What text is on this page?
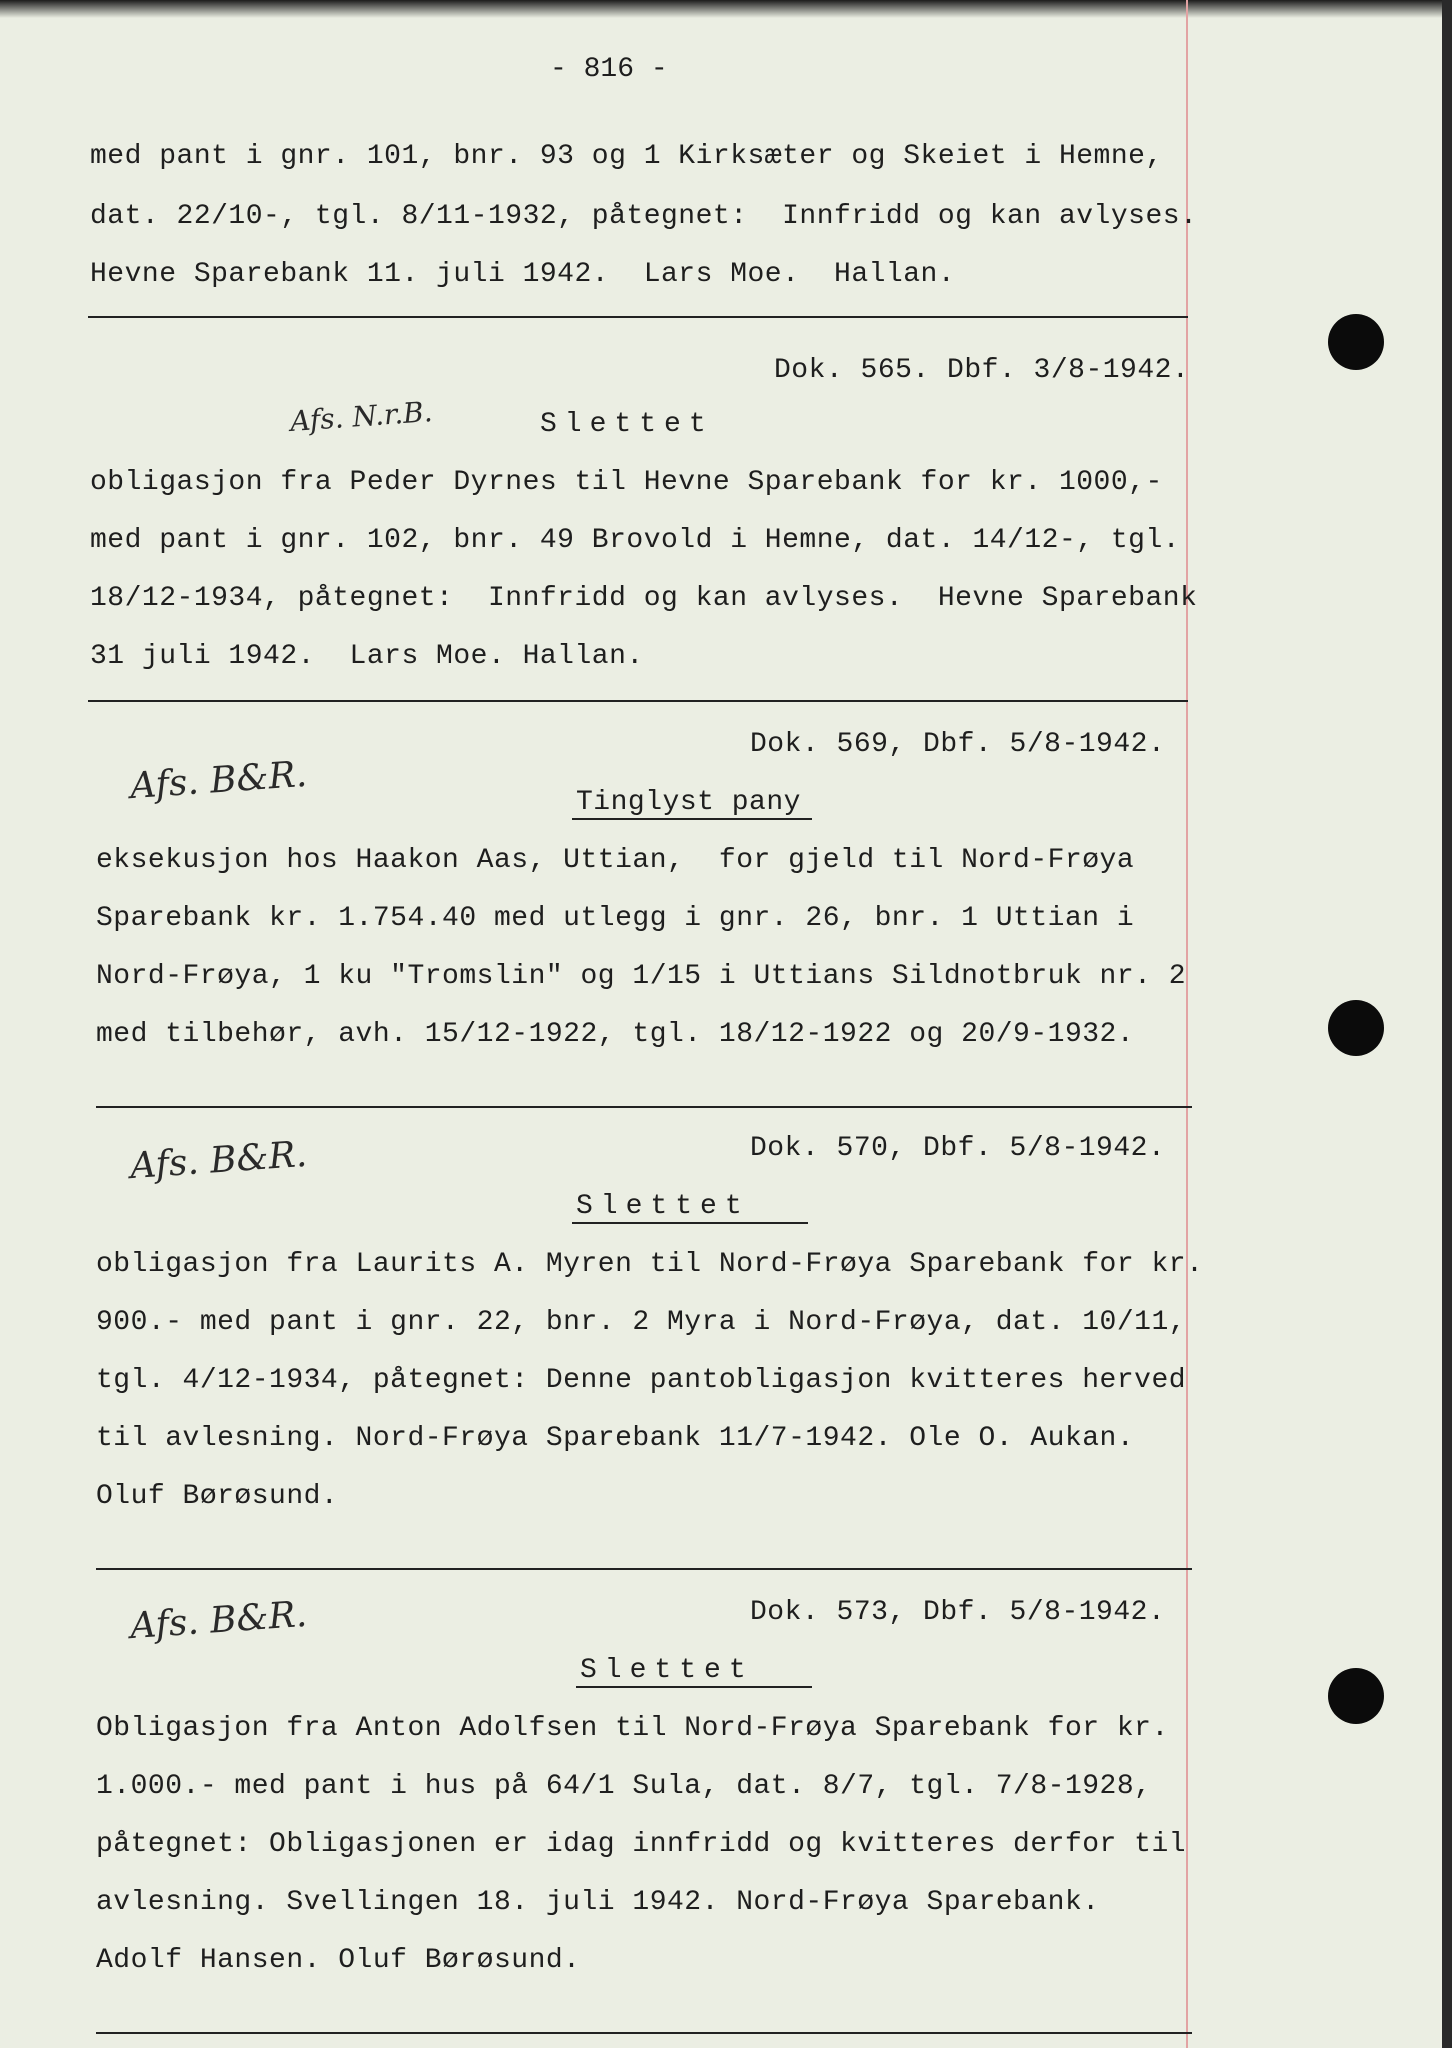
- 816 -
med pant i gnr. 101, bnr. 93 og 1 Kirksæter og Skeiet i Hemne,
dat. 22/10-, tgl. 8/11-1932, påtegnet:  Innfridd og kan avlyses.
Hevne Sparebank 11. juli 1942.  Lars Moe.  Hallan.
Dok. 565. Dbf. 3/8-1942.
Afs. N.r.B.	Slettet
obligasjon fra Peder Dyrnes til Hevne Sparebank for kr. 1000,-
med pant i gnr. 102, bnr. 49 Brovold i Hemne, dat. 14/12-, tgl.
18/12-1934, påtegnet:  Innfridd og kan avlyses.  Hevne Sparebank
31 juli 1942.  Lars Moe. Hallan.
Dok. 569, Dbf. 5/8-1942.
Afs. B&R.	Tinglyst pany
eksekusjon hos Haakon Aas, Uttian,  for gjeld til Nord-Frøya
Sparebank kr. 1.754.40 med utlegg i gnr. 26, bnr. 1 Uttian i
Nord-Frøya, 1 ku "Tromslin" og 1/15 i Uttians Sildnotbruk nr. 2
med tilbehør, avh. 15/12-1922, tgl. 18/12-1922 og 20/9-1932.
Dok. 570, Dbf. 5/8-1942.
Afs. B&R.
Slettet
obligasjon fra Laurits A. Myren til Nord-Frøya Sparebank for kr.
900.- med pant i gnr. 22, bnr. 2 Myra i Nord-Frøya, dat. 10/11,
tgl. 4/12-1934, påtegnet: Denne pantobligasjon kvitteres herved
til avlesning. Nord-Frøya Sparebank 11/7-1942. Ole O. Aukan.
Oluf Børøsund.
Dok. 573, Dbf. 5/8-1942.
Afs. B&R.
Slettet
Obligasjon fra Anton Adolfsen til Nord-Frøya Sparebank for kr.
1.000.- med pant i hus på 64/1 Sula, dat. 8/7, tgl. 7/8-1928,
påtegnet: Obligasjonen er idag innfridd og kvitteres derfor til
avlesning. Svellingen 18. juli 1942. Nord-Frøya Sparebank.
Adolf Hansen. Oluf Børøsund.
